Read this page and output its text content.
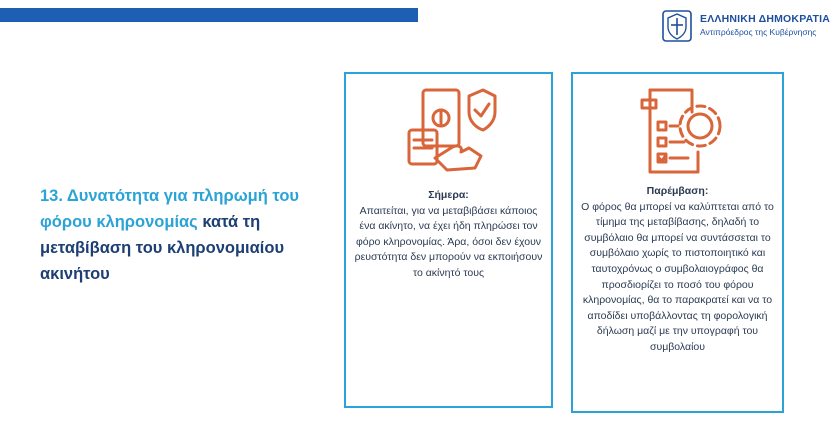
ΕΛΛΗΝΙΚΗ ΔΗΜΟΚΡΑΤΙΑ
Αντιπρόεδρος της Κυβέρνησης
13. Δυνατότητα για πληρωμή του φόρου κληρονομίας κατά τη μεταβίβαση του κληρονομιαίου ακινήτου
Σήμερα:
Απαιτείται, για να μεταβιβάσει κάποιος ένα ακίνητο, να έχει ήδη πληρώσει τον φόρο κληρονομίας. Άρα, όσοι δεν έχουν ρευστότητα δεν μπορούν να εκποιήσουν το ακίνητό τους
Παρέμβαση:
Ο φόρος θα μπορεί να καλύπτεται από το τίμημα της μεταβίβασης, δηλαδή το συμβόλαιο θα μπορεί να συντάσσεται το συμβόλαιο χωρίς το πιστοποιητικό και ταυτοχρόνως ο συμβολαιογράφος θα προσδιορίζει το ποσό του φόρου κληρονομίας, θα το παρακρατεί και να το αποδίδει υποβάλλοντας τη φορολογική δήλωση μαζί με την υπογραφή του συμβολαίου
